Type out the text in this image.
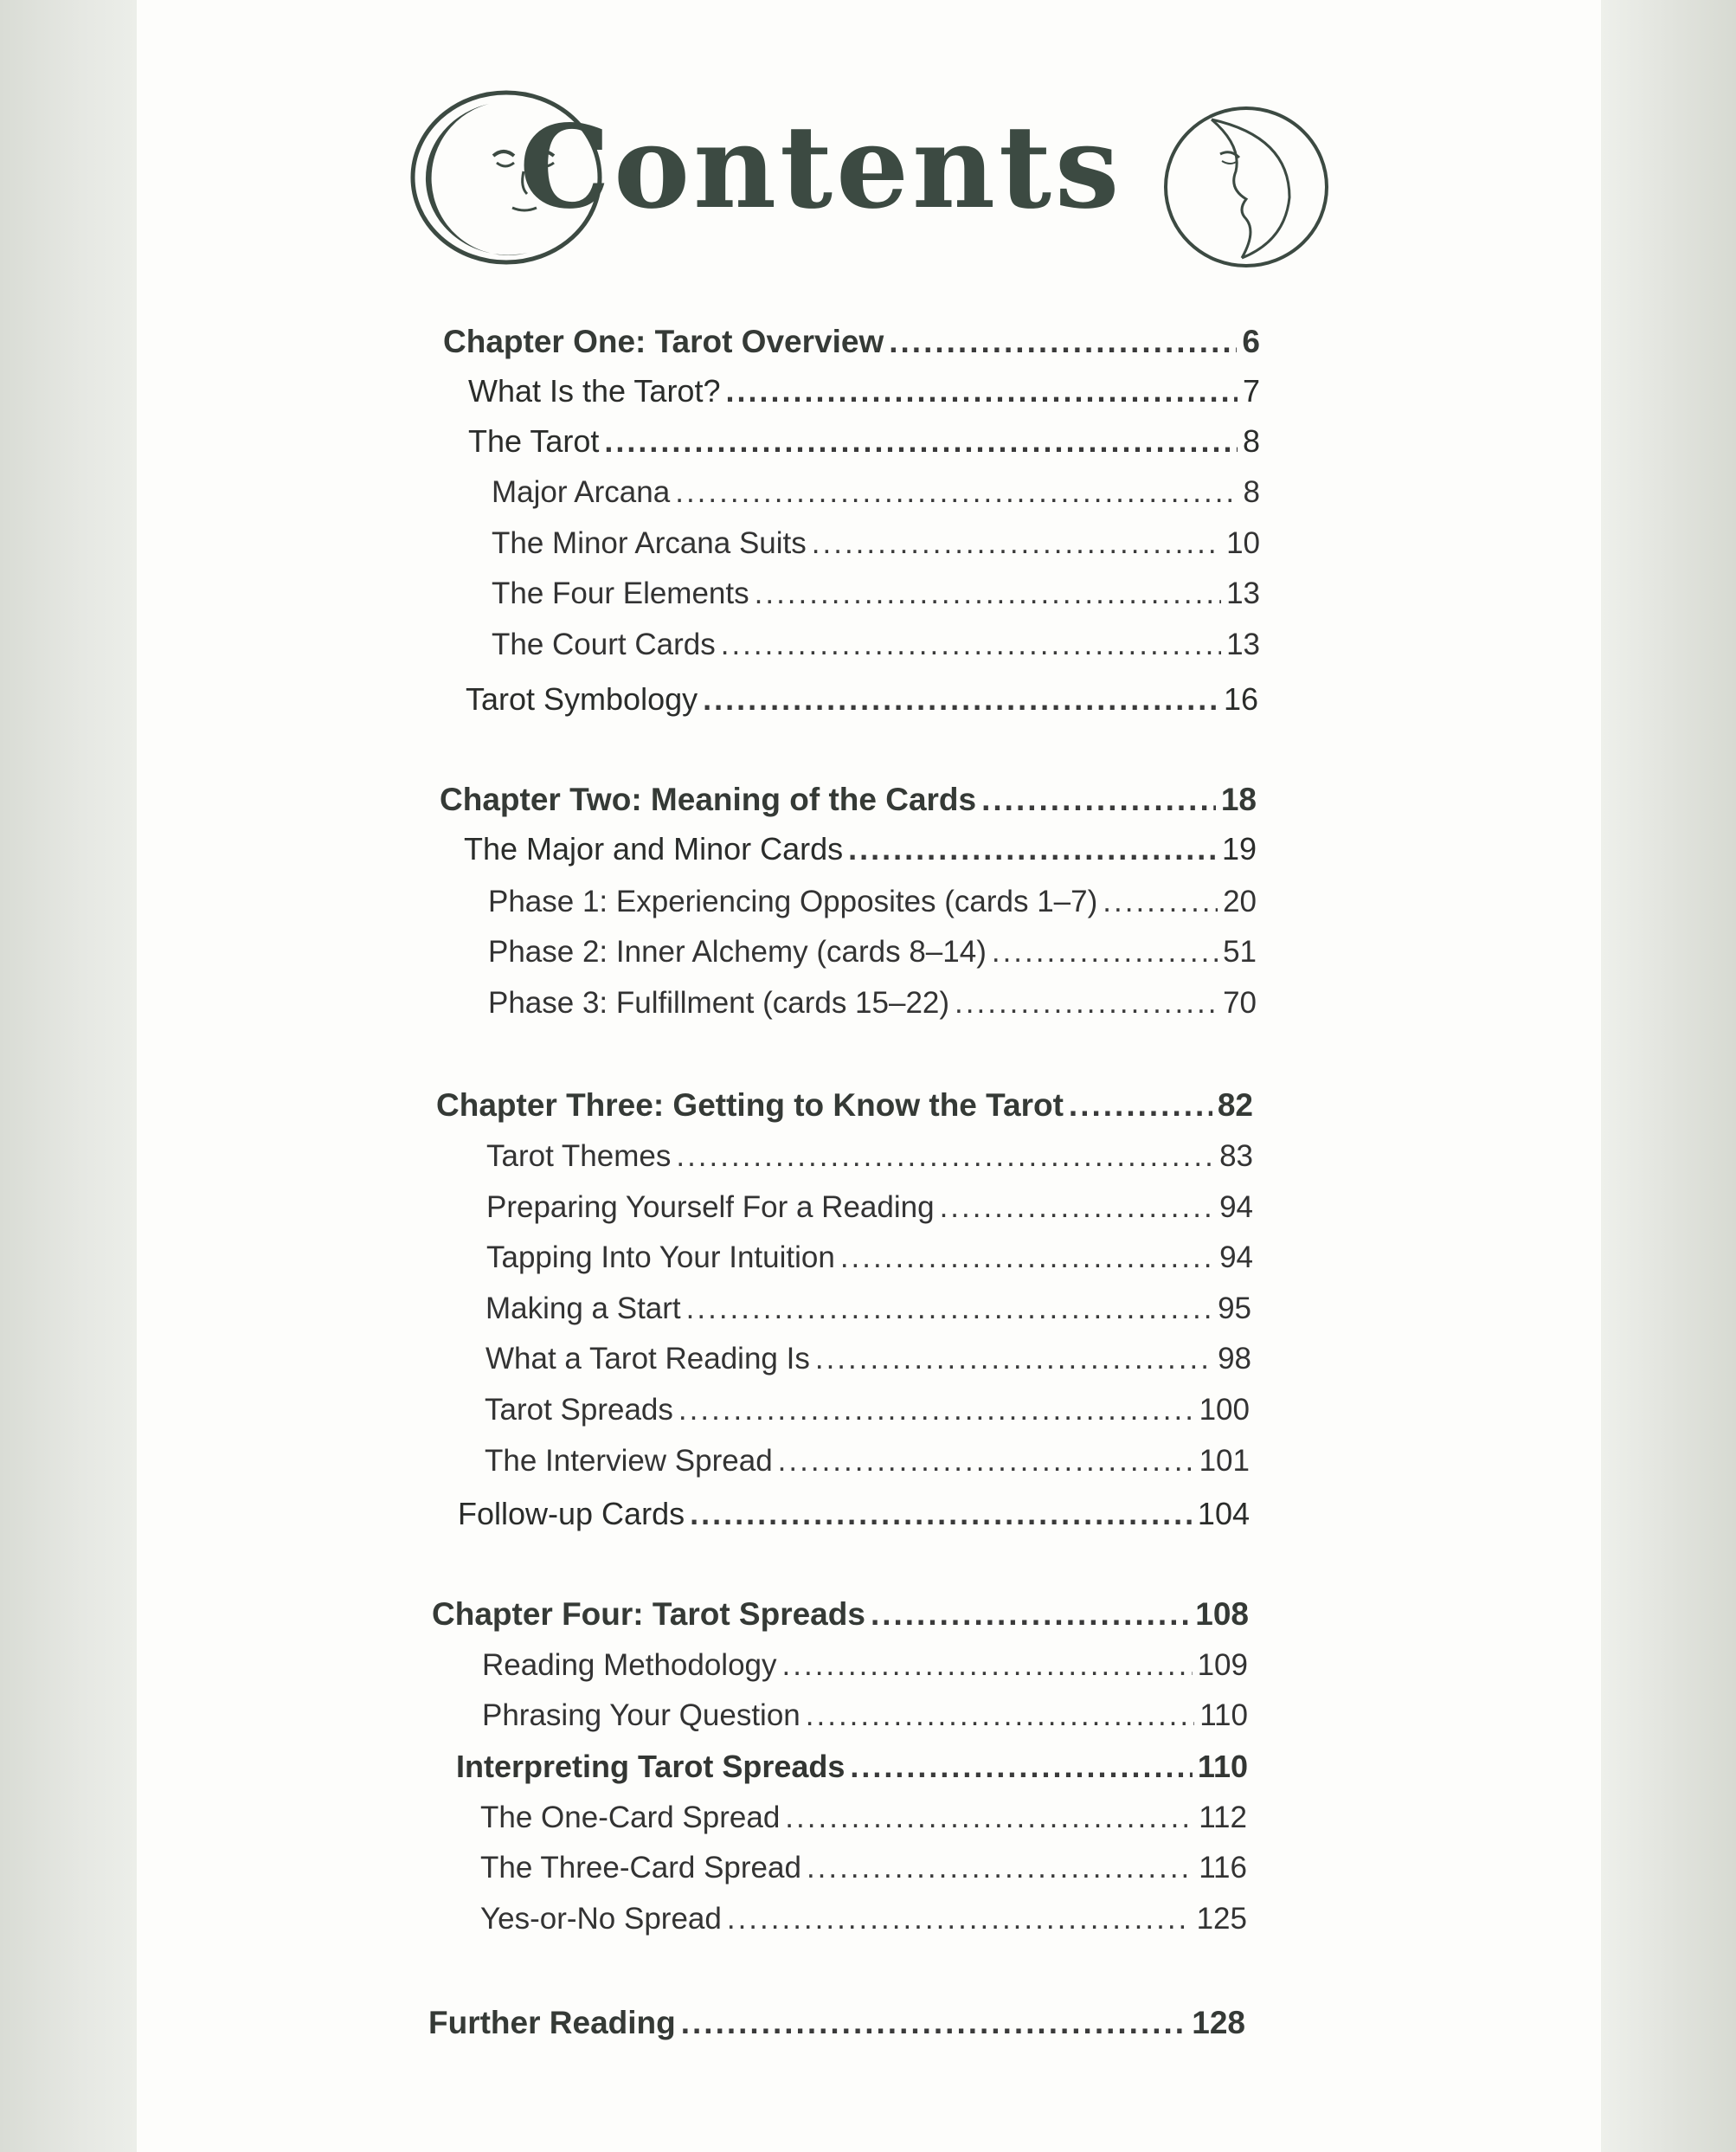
Contents
Chapter One: Tarot Overview .....	6
What Is the Tarot? .....	7
The Tarot .....	8
Major Arcana .....	8
The Minor Arcana Suits .....	10
The Four Elements .....	13
The Court Cards .....	13
Tarot Symbology .....	16
Chapter Two: Meaning of the Cards .....	18
The Major and Minor Cards .....	19
Phase 1: Experiencing Opposites (cards 1–7) .....	20
Phase 2: Inner Alchemy (cards 8–14) .....	51
Phase 3: Fulfillment (cards 15–22) .....	70
Chapter Three: Getting to Know the Tarot .....	82
Tarot Themes .....	83
Preparing Yourself For a Reading .....	94
Tapping Into Your Intuition .....	94
Making a Start .....	95
What a Tarot Reading Is .....	98
Tarot Spreads .....	100
The Interview Spread .....	101
Follow-up Cards .....	104
Chapter Four: Tarot Spreads .....	108
Reading Methodology .....	109
Phrasing Your Question .....	110
Interpreting Tarot Spreads .....	110
The One-Card Spread .....	112
The Three-Card Spread .....	116
Yes-or-No Spread .....	125
Further Reading .....	128
